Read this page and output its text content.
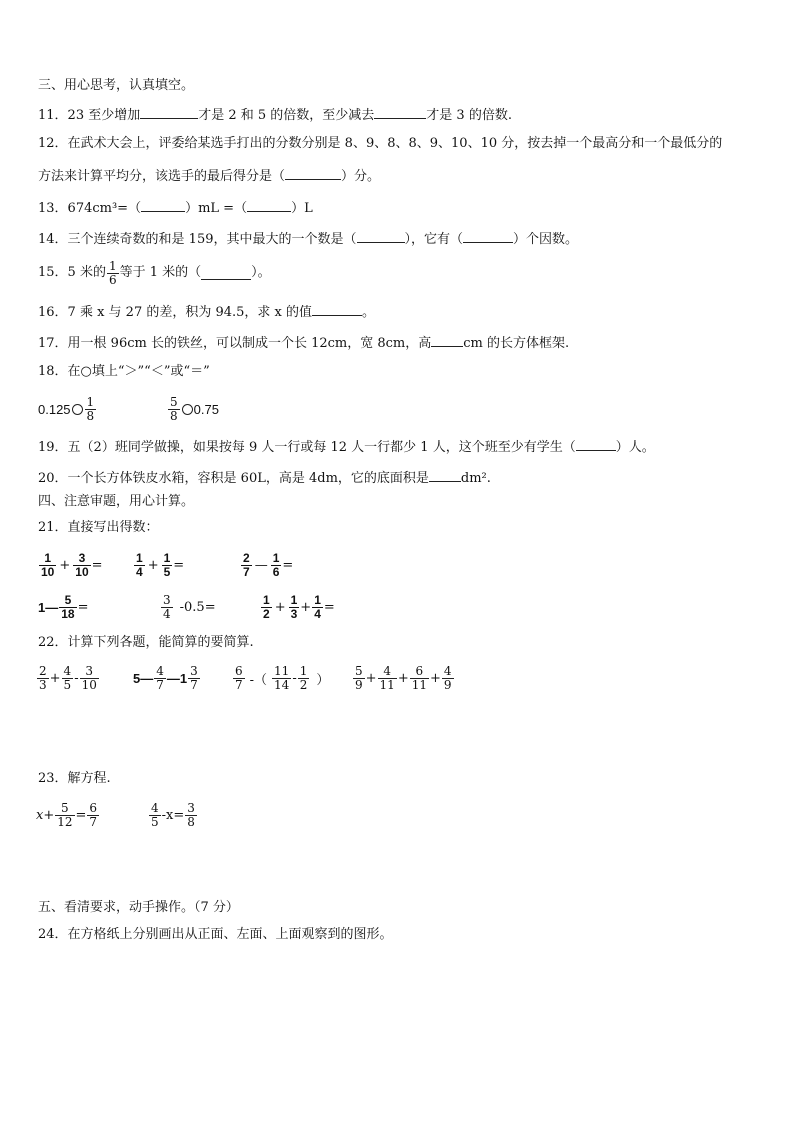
三、用心思考，认真填空。
11．23 至少增加	才是 2 和 5 的倍数，至少减去	才是 3 的倍数.
12．在武术大会上，评委给某选手打出的分数分别是 8、9、8、8、9、10、10 分，按去掉一个最高分和一个最低分的
方法来计算平均分，该选手的最后得分是（	）分。
13．674cm³=（	）mL =（	）L
14．三个连续奇数的和是 159，其中最大的一个数是（	），它有（	）个因数。
15．5 米的 $\frac{1}{6}$ 等于 1 米的（	）。
16．7 乘 x 与 27 的差，积为 94.5，求 x 的值	。
17．用一根 96cm 长的铁丝，可以制成一个长 12cm，宽 8cm，高 cm 的长方体框架.
18．在○填上“＞”“＜”或“＝”
$0.125 \frac{1}{8}$	$\frac{5}{8} 0.75$
19．五（2）班同学做操，如果按每 9 人一行或每 12 人一行都少 1 人，这个班至少有学生（	）人。
20．一个长方体铁皮水箱，容积是 60L，高是 4dm，它的底面积是 dm².
四、注意审题，用心计算。
21．直接写出得数：
$\frac{1}{10} + \frac{3}{10}$ =	$\frac{1}{4} + \frac{1}{5}$ =	$\frac{2}{7}$ — $\frac{1}{6}$ =
1— $\frac{5}{18}$ =	$\frac{3}{4} -0.5=$	$\frac{1}{2} + \frac{1}{3} + \frac{1}{4}$ =
22．计算下列各题，能简算的要简算.
$\frac{2}{3} + \frac{4}{5} - \frac{3}{10}$	5— $\frac{4}{7}$ —1 $\frac{3}{7}$	$\frac{6}{7}$ -（ $\frac{11}{14} - \frac{1}{2}$ ） $\frac{5}{9} + \frac{4}{11} + \frac{6}{11} + \frac{4}{9}$
23．解方程.
$x+ \frac{5}{12} = \frac{6}{7}$	$\frac{4}{5} -x= \frac{3}{8}$
五、看清要求，动手操作。（7 分）
24．在方格纸上分别画出从正面、左面、上面观察到的图形。
